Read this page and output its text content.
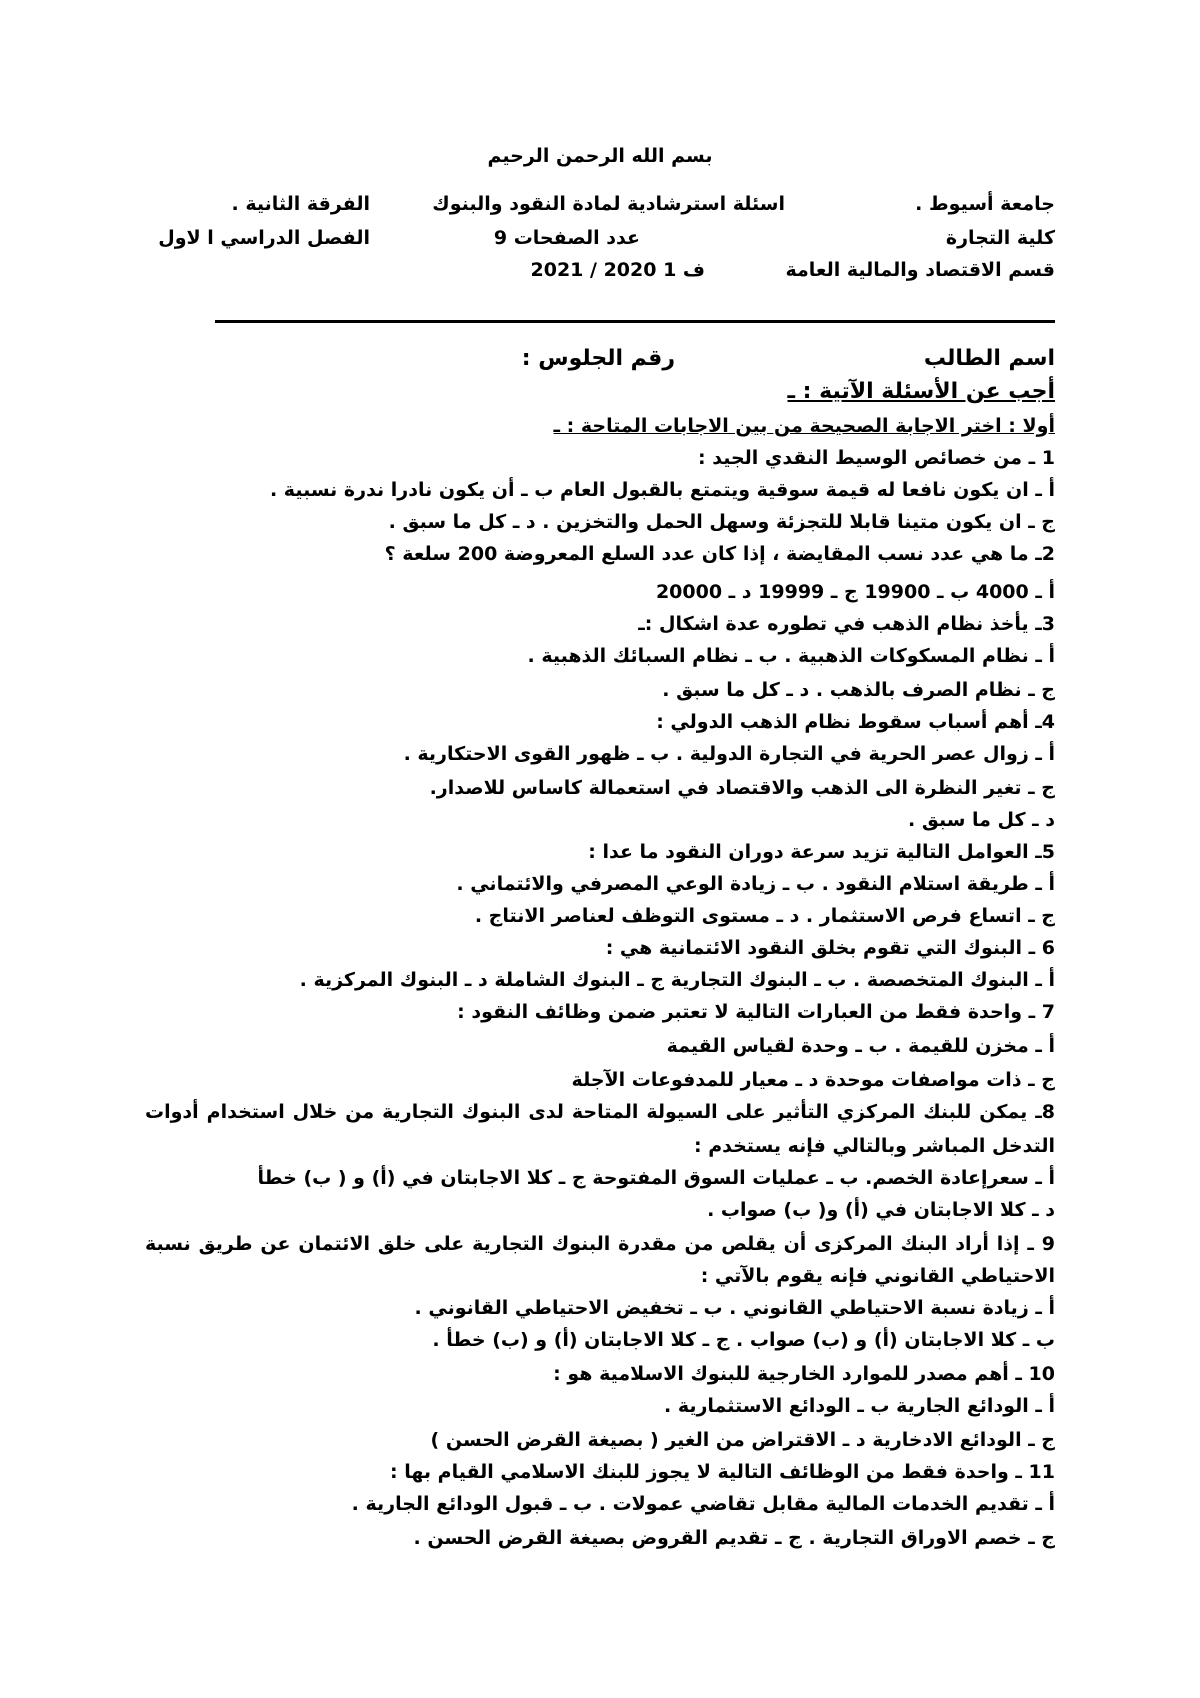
بسم الله الرحمن الرحيم
جامعة أسيوط .
اسئلة استرشادية لمادة النقود والبنوك
الفرقة الثانية .
كلية التجارة
عدد الصفحات 9
الفصل الدراسي ا لاول
قسم الاقتصاد والمالية العامة
ف 1 2020 / 2021
اسم الطالب
رقم الجلوس :
أجب عن الأسئلة الآتية : ـ
أولا : اختر الاجابة الصحيحة من بين الاجابات المتاحة : ـ
1 ـ من خصائص الوسيط النقدي الجيد :
أ ـ ان يكون نافعا له قيمة سوقية ويتمتع بالقبول العام ب ـ أن يكون نادرا ندرة نسبية .
ج ـ ان يكون متينا قابلا للتجزئة وسهل الحمل والتخزين . د ـ كل ما سبق .
2ـ ما هي عدد نسب المقايضة ، إذا كان عدد السلع المعروضة 200 سلعة ؟
أ ـ 4000 ب ـ 19900 ج ـ 19999 د ـ 20000
3ـ يأخذ نظام الذهب في تطوره عدة اشكال :ـ
أ ـ نظام المسكوكات الذهبية . ب ـ نظام السبائك الذهبية .
ج ـ نظام الصرف بالذهب . د ـ كل ما سبق .
4ـ أهم أسباب سقوط نظام الذهب الدولي :
أ ـ زوال عصر الحرية في التجارة الدولية . ب ـ ظهور القوى الاحتكارية .
ج ـ تغير النظرة الى الذهب والاقتصاد في استعمالة كاساس للاصدار.
د ـ كل ما سبق .
5ـ العوامل التالية تزيد سرعة دوران النقود ما عدا :
أ ـ طريقة استلام النقود . ب ـ زيادة الوعي المصرفي والائتماني .
ج ـ اتساع فرص الاستثمار . د ـ مستوى التوظف لعناصر الانتاج .
6 ـ البنوك التي تقوم بخلق النقود الائتمانية هي :
أ ـ البنوك المتخصصة . ب ـ البنوك التجارية ج ـ البنوك الشاملة د ـ البنوك المركزية .
7 ـ واحدة فقط من العبارات التالية لا تعتبر ضمن وظائف النقود :
أ ـ مخزن للقيمة . ب ـ وحدة لقياس القيمة
ج ـ ذات مواصفات موحدة د ـ معيار للمدفوعات الآجلة
8ـ يمكن للبنك المركزي التأثير على السيولة المتاحة لدى البنوك التجارية من خلال استخدام أدوات
التدخل المباشر وبالتالي فإنه يستخدم :
أ ـ سعرإعادة الخصم. ب ـ عمليات السوق المفتوحة ج ـ كلا الاجابتان في (أ) و ( ب) خطأ
د ـ كلا الاجابتان في (أ) و( ب) صواب .
9 ـ إذا أراد البنك المركزى أن يقلص من مقدرة البنوك التجارية على خلق الائتمان عن طريق نسبة
الاحتياطي القانوني فإنه يقوم بالآتي :
أ ـ زيادة نسبة الاحتياطي القانوني . ب ـ تخفيض الاحتياطي القانوني .
ب ـ كلا الاجابتان (أ) و (ب) صواب . ج ـ كلا الاجابتان (أ) و (ب) خطأ .
10 ـ أهم مصدر للموارد الخارجية للبنوك الاسلامية هو :
أ ـ الودائع الجارية ب ـ الودائع الاستثمارية .
ج ـ الودائع الادخارية د ـ الاقتراض من الغير ( بصيغة القرض الحسن )
11 ـ واحدة فقط من الوظائف التالية لا يجوز للبنك الاسلامي القيام بها :
أ ـ تقديم الخدمات المالية مقابل تقاضي عمولات . ب ـ قبول الودائع الجارية .
ج ـ خصم الاوراق التجارية . ج ـ تقديم القروض بصيغة القرض الحسن .
